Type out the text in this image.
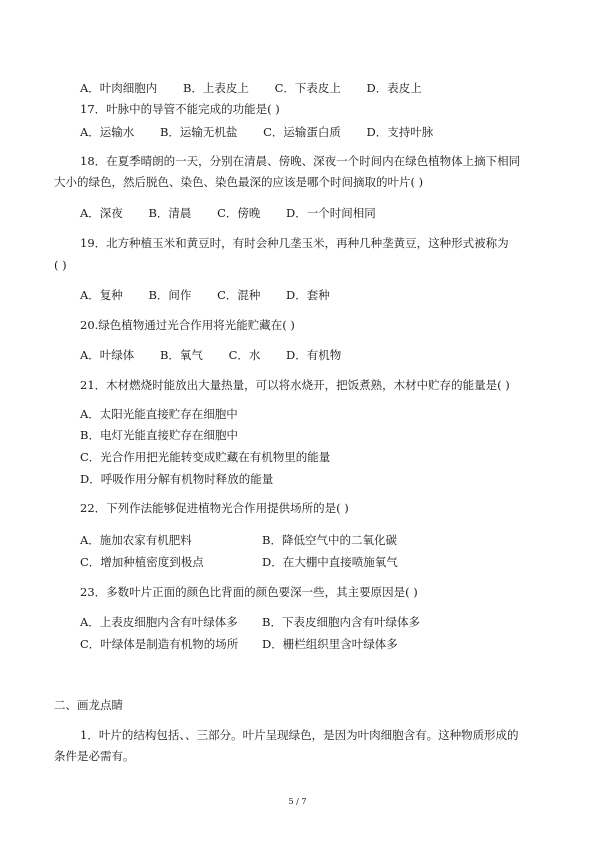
A．叶肉细胞内 B．上表皮上 C．下表皮上 D．表皮上
17．叶脉中的导管不能完成的功能是( )
A．运输水 B．运输无机盐 C．运输蛋白质 D．支持叶脉
18．在夏季晴朗的一天，分别在清晨、傍晚、深夜一个时间内在绿色植物体上摘下相同
大小的绿色，然后脱色、染色、染色最深的应该是哪个时间摘取的叶片( )
A．深夜 B．清晨 C．傍晚 D．一个时间相同
19．北方种植玉米和黄豆时，有时会种几垄玉米，再种几种垄黄豆，这种形式被称为
( )
A．复种 B．间作 C．混种 D．套种
20.绿色植物通过光合作用将光能贮藏在( )
A．叶绿体 B．氧气 C．水 D．有机物
21．木材燃烧时能放出大量热量，可以将水烧开，把饭煮熟，木材中贮存的能量是( )
A．太阳光能直接贮存在细胞中
B．电灯光能直接贮存在细胞中
C．光合作用把光能转变成贮藏在有机物里的能量
D．呼吸作用分解有机物时释放的能量
22．下列作法能够促进植物光合作用提供场所的是( )
A．施加农家有机肥料	B．降低空气中的二氧化碳
C．增加种植密度到极点	D．在大棚中直接喷施氧气
23．多数叶片正面的颜色比背面的颜色要深一些，其主要原因是( )
A．上表皮细胞内含有叶绿体多 B．下表皮细胞内含有叶绿体多
C．叶绿体是制造有机物的场所 D．栅栏组织里含叶绿体多
二、画龙点睛
1．叶片的结构包括、、三部分。叶片呈现绿色，是因为叶肉细胞含有。这种物质形成的
条件是必需有。
5 / 7
